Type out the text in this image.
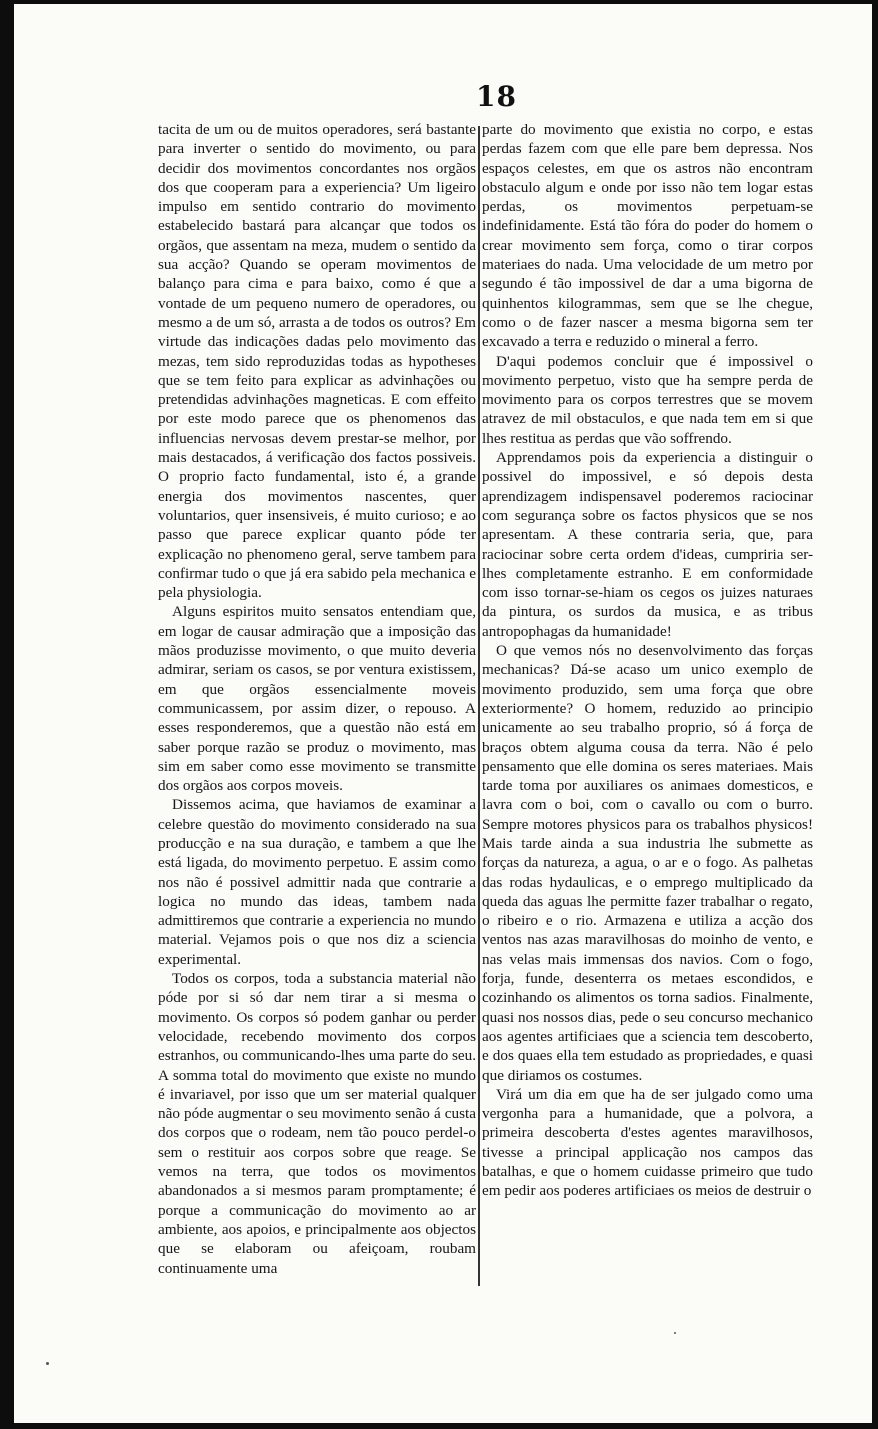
18

tacita de um ou de muitos operadores, será bastante para inverter o sentido do movimento, ou para decidir dos movimentos concordantes nos orgãos dos que cooperam para a experiencia? Um ligeiro impulso em sentido contrario do movimento estabelecido bastará para alcançar que todos os orgãos, que assentam na meza, mudem o sentido da sua acção? Quando se operam movimentos de balanço para cima e para baixo, como é que a vontade de um pequeno numero de operadores, ou mesmo a de um só, arrasta a de todos os outros? Em virtude das indicações dadas pelo movimento das mezas, tem sido reproduzidas todas as hypotheses que se tem feito para explicar as advinhações ou pretendidas advinhações magneticas. E com effeito por este modo parece que os phenomenos das influencias nervosas devem prestar-se melhor, por mais destacados, á verificação dos factos possiveis. O proprio facto fundamental, isto é, a grande energia dos movimentos nascentes, quer voluntarios, quer insensiveis, é muito curioso; e ao passo que parece explicar quanto póde ter explicação no phenomeno geral, serve tambem para confirmar tudo o que já era sabido pela mechanica e pela physiologia.

Alguns espiritos muito sensatos entendiam que, em logar de causar admiração que a imposição das mãos produzisse movimento, o que muito deveria admirar, seriam os casos, se por ventura existissem, em que orgãos essencialmente moveis communicassem, por assim dizer, o repouso. A esses responderemos, que a questão não está em saber porque razão se produz o movimento, mas sim em saber como esse movimento se transmitte dos orgãos aos corpos moveis.

Dissemos acima, que haviamos de examinar a celebre questão do movimento considerado na sua producção e na sua duração, e tambem a que lhe está ligada, do movimento perpetuo. E assim como nos não é possivel admittir nada que contrarie a logica no mundo das ideas, tambem nada admittiremos que contrarie a experiencia no mundo material. Vejamos pois o que nos diz a sciencia experimental.

Todos os corpos, toda a substancia material não póde por si só dar nem tirar a si mesma o movimento. Os corpos só podem ganhar ou perder velocidade, recebendo movimento dos corpos estranhos, ou communicando-lhes uma parte do seu. A somma total do movimento que existe no mundo é invariavel, por isso que um ser material qualquer não póde augmentar o seu movimento senão á custa dos corpos que o rodeam, nem tão pouco perdel-o sem o restituir aos corpos sobre que reage. Se vemos na terra, que todos os movimentos abandonados a si mesmos param promptamente; é porque a communicação do movimento ao ar ambiente, aos apoios, e principalmente aos objectos que se elaboram ou afeiçoam, roubam continuamente uma

parte do movimento que existia no corpo, e estas perdas fazem com que elle pare bem depressa. Nos espaços celestes, em que os astros não encontram obstaculo algum e onde por isso não tem logar estas perdas, os movimentos perpetuam-se indefinidamente. Está tão fóra do poder do homem o crear movimento sem força, como o tirar corpos materiaes do nada. Uma velocidade de um metro por segundo é tão impossivel de dar a uma bigorna de quinhentos kilogrammas, sem que se lhe chegue, como o de fazer nascer a mesma bigorna sem ter excavado a terra e reduzido o mineral a ferro.

D'aqui podemos concluir que é impossivel o movimento perpetuo, visto que ha sempre perda de movimento para os corpos terrestres que se movem atravez de mil obstaculos, e que nada tem em si que lhes restitua as perdas que vão soffrendo.

Apprendamos pois da experiencia a distinguir o possivel do impossivel, e só depois desta aprendizagem indispensavel poderemos raciocinar com segurança sobre os factos physicos que se nos apresentam. A these contraria seria, que, para raciocinar sobre certa ordem d'ideas, cumpriria ser-lhes completamente estranho. E em conformidade com isso tornar-se-hiam os cegos os juizes naturaes da pintura, os surdos da musica, e as tribus antropophagas da humanidade!

O que vemos nós no desenvolvimento das forças mechanicas? Dá-se acaso um unico exemplo de movimento produzido, sem uma força que obre exteriormente? O homem, reduzido ao principio unicamente ao seu trabalho proprio, só á força de braços obtem alguma cousa da terra. Não é pelo pensamento que elle domina os seres materiaes. Mais tarde toma por auxiliares os animaes domesticos, e lavra com o boi, com o cavallo ou com o burro. Sempre motores physicos para os trabalhos physicos! Mais tarde ainda a sua industria lhe submette as forças da natureza, a agua, o ar e o fogo. As palhetas das rodas hydaulicas, e o emprego multiplicado da queda das aguas lhe permitte fazer trabalhar o regato, o ribeiro e o rio. Armazena e utiliza a acção dos ventos nas azas maravilhosas do moinho de vento, e nas velas mais immensas dos navios. Com o fogo, forja, funde, desenterra os metaes escondidos, e cozinhando os alimentos os torna sadios. Finalmente, quasi nos nossos dias, pede o seu concurso mechanico aos agentes artificiaes que a sciencia tem descoberto, e dos quaes ella tem estudado as propriedades, e quasi que diriamos os costumes.

Virá um dia em que ha de ser julgado como uma vergonha para a humanidade, que a polvora, a primeira descoberta d'estes agentes maravilhosos, tivesse a principal applicação nos campos das batalhas, e que o homem cuidasse primeiro que tudo em pedir aos poderes artificiaes os meios de destruir o
